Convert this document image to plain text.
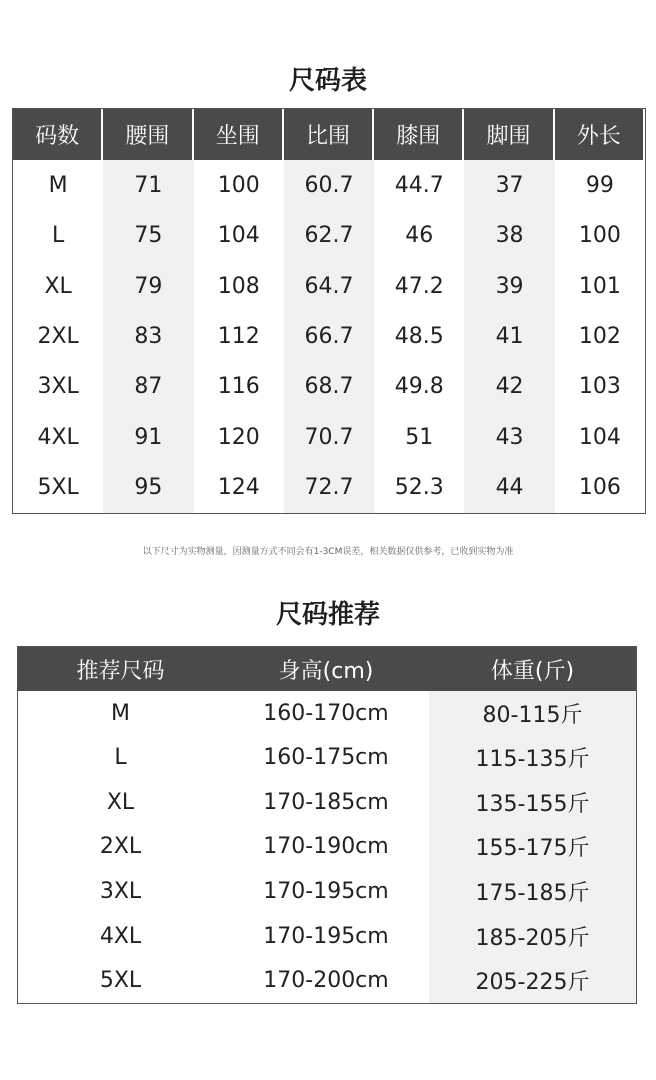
尺码表
码数	腰围	坐围	比围	膝围	脚围	外长
M	71	100	60.7	44.7	37	99
L	75	104	62.7	46	38	100
XL	79	108	64.7	47.2	39	101
2XL	83	112	66.7	48.5	41	102
3XL	87	116	68.7	49.8	42	103
4XL	91	120	70.7	51	43	104
5XL	95	124	72.7	52.3	44	106
以下尺寸为实物测量，因测量方式不同会有1-3CM误差，相关数据仅供参考，已收到实物为准
尺码推荐
推荐尺码	身高(cm)	体重(斤)
M	160-170cm	80-115斤
L	160-175cm	115-135斤
XL	170-185cm	135-155斤
2XL	170-190cm	155-175斤
3XL	170-195cm	175-185斤
4XL	170-195cm	185-205斤
5XL	170-200cm	205-225斤
